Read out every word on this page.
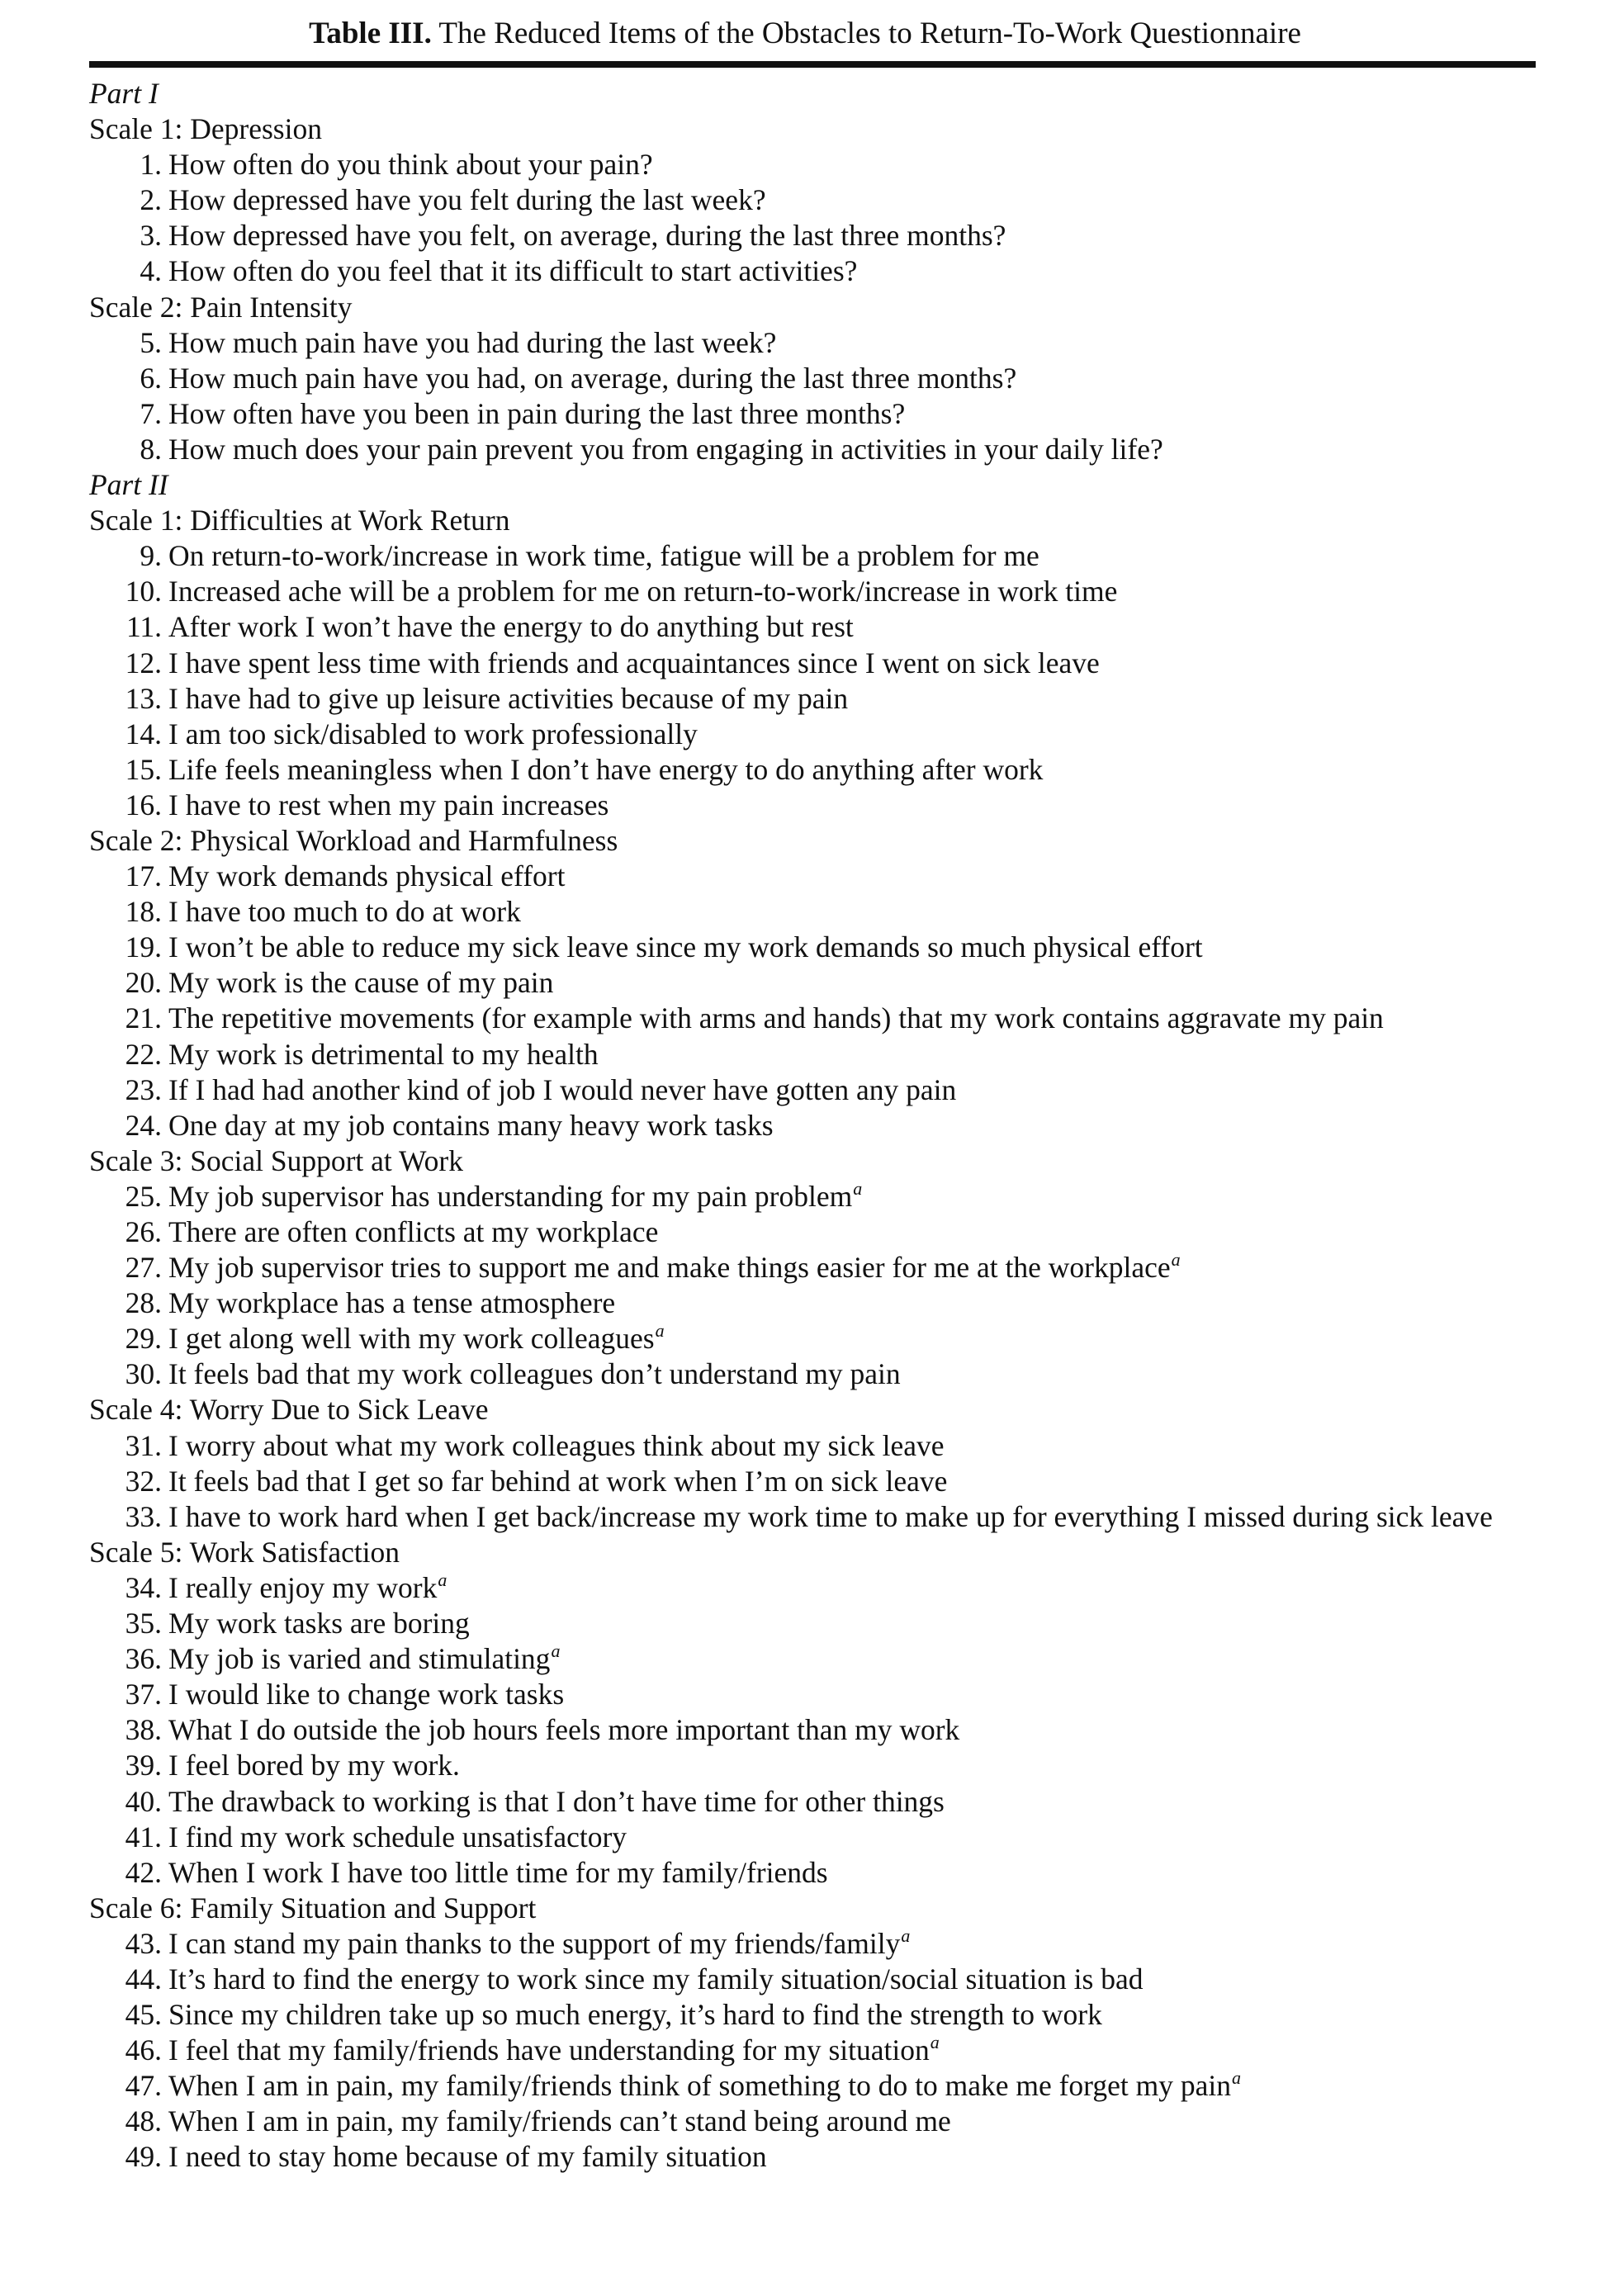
Table III. The Reduced Items of the Obstacles to Return-To-Work Questionnaire
Part I
Scale 1: Depression
1. How often do you think about your pain?
2. How depressed have you felt during the last week?
3. How depressed have you felt, on average, during the last three months?
4. How often do you feel that it its difficult to start activities?
Scale 2: Pain Intensity
5. How much pain have you had during the last week?
6. How much pain have you had, on average, during the last three months?
7. How often have you been in pain during the last three months?
8. How much does your pain prevent you from engaging in activities in your daily life?
Part II
Scale 1: Difficulties at Work Return
9. On return-to-work/increase in work time, fatigue will be a problem for me
10. Increased ache will be a problem for me on return-to-work/increase in work time
11. After work I won’t have the energy to do anything but rest
12. I have spent less time with friends and acquaintances since I went on sick leave
13. I have had to give up leisure activities because of my pain
14. I am too sick/disabled to work professionally
15. Life feels meaningless when I don’t have energy to do anything after work
16. I have to rest when my pain increases
Scale 2: Physical Workload and Harmfulness
17. My work demands physical effort
18. I have too much to do at work
19. I won’t be able to reduce my sick leave since my work demands so much physical effort
20. My work is the cause of my pain
21. The repetitive movements (for example with arms and hands) that my work contains aggravate my pain
22. My work is detrimental to my health
23. If I had had another kind of job I would never have gotten any pain
24. One day at my job contains many heavy work tasks
Scale 3: Social Support at Work
25. My job supervisor has understanding for my pain problem$^a$
26. There are often conflicts at my workplace
27. My job supervisor tries to support me and make things easier for me at the workplace$^a$
28. My workplace has a tense atmosphere
29. I get along well with my work colleagues$^a$
30. It feels bad that my work colleagues don’t understand my pain
Scale 4: Worry Due to Sick Leave
31. I worry about what my work colleagues think about my sick leave
32. It feels bad that I get so far behind at work when I’m on sick leave
33. I have to work hard when I get back/increase my work time to make up for everything I missed during sick leave
Scale 5: Work Satisfaction
34. I really enjoy my work$^a$
35. My work tasks are boring
36. My job is varied and stimulating$^a$
37. I would like to change work tasks
38. What I do outside the job hours feels more important than my work
39. I feel bored by my work.
40. The drawback to working is that I don’t have time for other things
41. I find my work schedule unsatisfactory
42. When I work I have too little time for my family/friends
Scale 6: Family Situation and Support
43. I can stand my pain thanks to the support of my friends/family$^a$
44. It’s hard to find the energy to work since my family situation/social situation is bad
45. Since my children take up so much energy, it’s hard to find the strength to work
46. I feel that my family/friends have understanding for my situation$^a$
47. When I am in pain, my family/friends think of something to do to make me forget my pain$^a$
48. When I am in pain, my family/friends can’t stand being around me
49. I need to stay home because of my family situation
